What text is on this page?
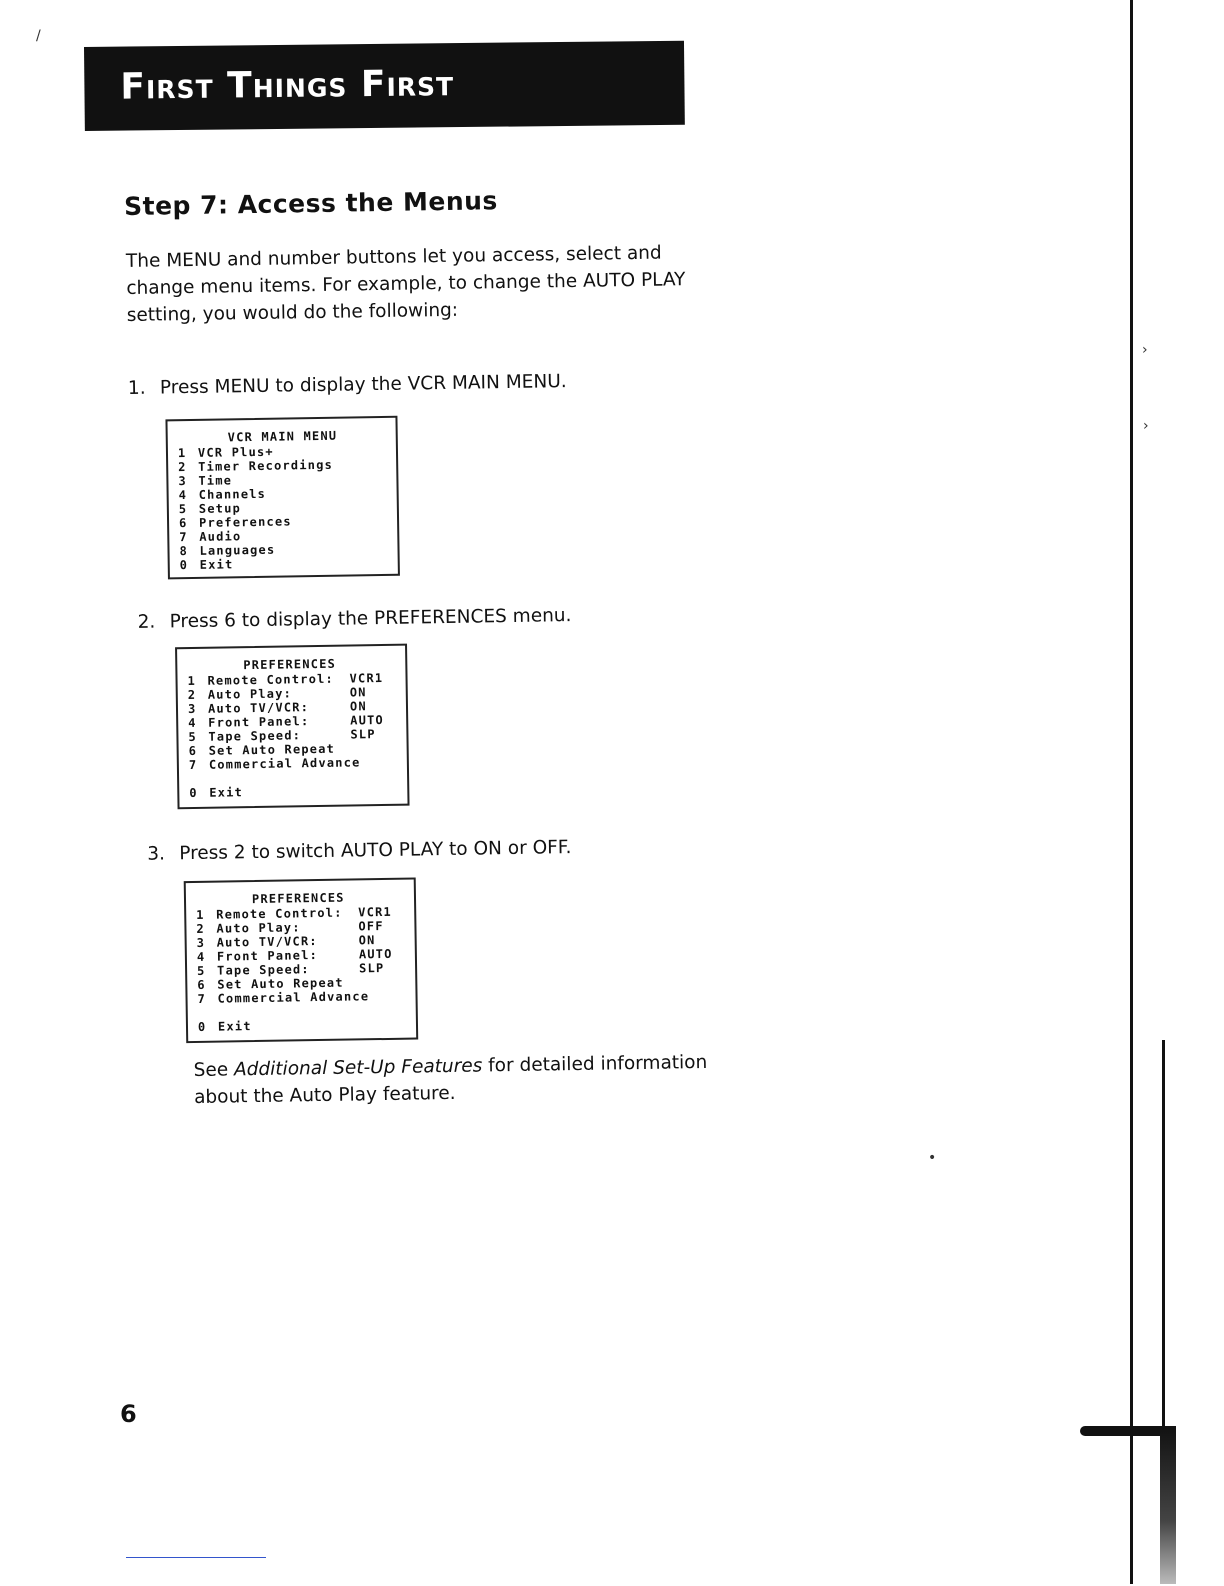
First Things First
Step 7: Access the Menus
The MENU and number buttons let you access, select and change menu items. For example, to change the AUTO PLAY setting, you would do the following:
1. Press MENU to display the VCR MAIN MENU.
VCR MAIN MENU
1 VCR Plus+
2 Timer Recordings
3 Time
4 Channels
5 Setup
6 Preferences
7 Audio
8 Languages
0 Exit
2. Press 6 to display the PREFERENCES menu.
PREFERENCES
1 Remote Control:	VCR1
2 Auto Play:	ON
3 Auto TV/VCR:	ON
4 Front Panel:	AUTO
5 Tape Speed:	SLP
6 Set Auto Repeat
7 Commercial Advance
0 Exit
3. Press 2 to switch AUTO PLAY to ON or OFF.
PREFERENCES
1 Remote Control:	VCR1
2 Auto Play:	OFF
3 Auto TV/VCR:	ON
4 Front Panel:	AUTO
5 Tape Speed:	SLP
6 Set Auto Repeat
7 Commercial Advance
0 Exit
See Additional Set-Up Features for detailed information about the Auto Play feature.
6
/
›
›
•
